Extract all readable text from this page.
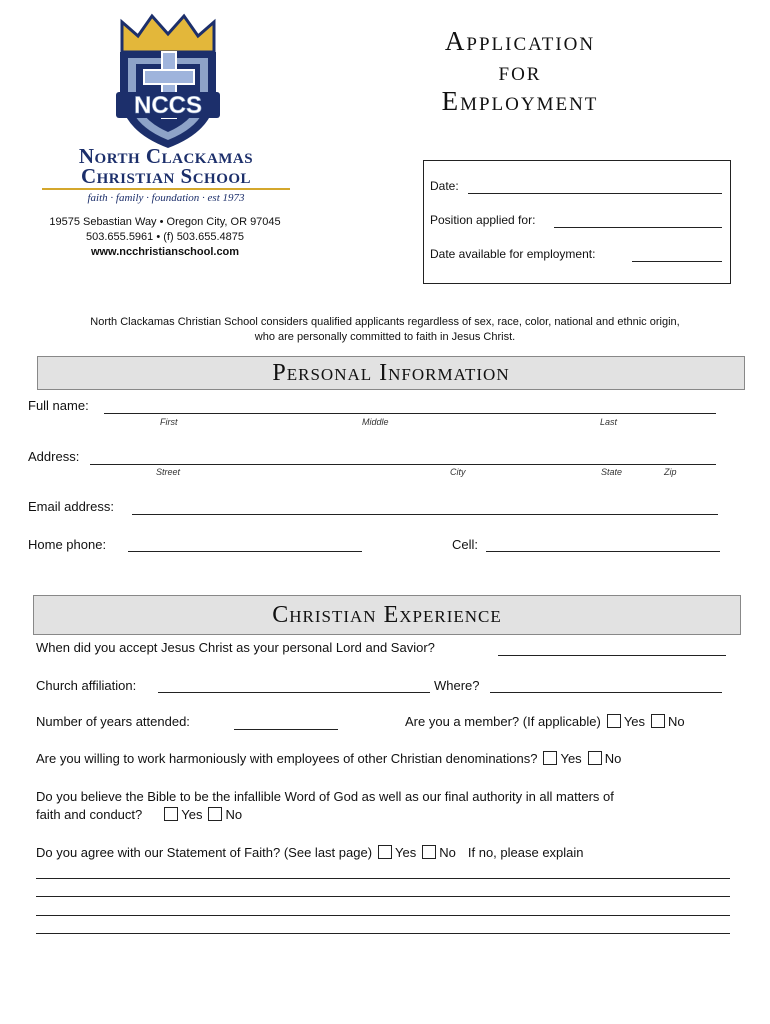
NCCS
North Clackamas
Christian School
faith · family · foundation · est 1973
19575 Sebastian Way • Oregon City, OR 97045
503.655.5961 • (f) 503.655.4875
www.ncchristianschool.com
Application
for
Employment
Date:
Position applied for:
Date available for employment:
North Clackamas Christian School considers qualified applicants regardless of sex, race, color, national and ethnic origin,
who are personally committed to faith in Jesus Christ.
Personal Information
Full name:
First	Middle	Last
Address:
Street	City	State	Zip
Email address:
Home phone:	Cell:
Christian Experience
When did you accept Jesus Christ as your personal Lord and Savior?
Church affiliation:	Where?
Number of years attended:	Are you a member? (If applicable) Yes No
Are you willing to work harmoniously with employees of other Christian denominations? Yes No
Do you believe the Bible to be the infallible Word of God as well as our final authority in all matters of
faith and conduct?	Yes No
Do you agree with our Statement of Faith? (See last page) Yes No If no, please explain
